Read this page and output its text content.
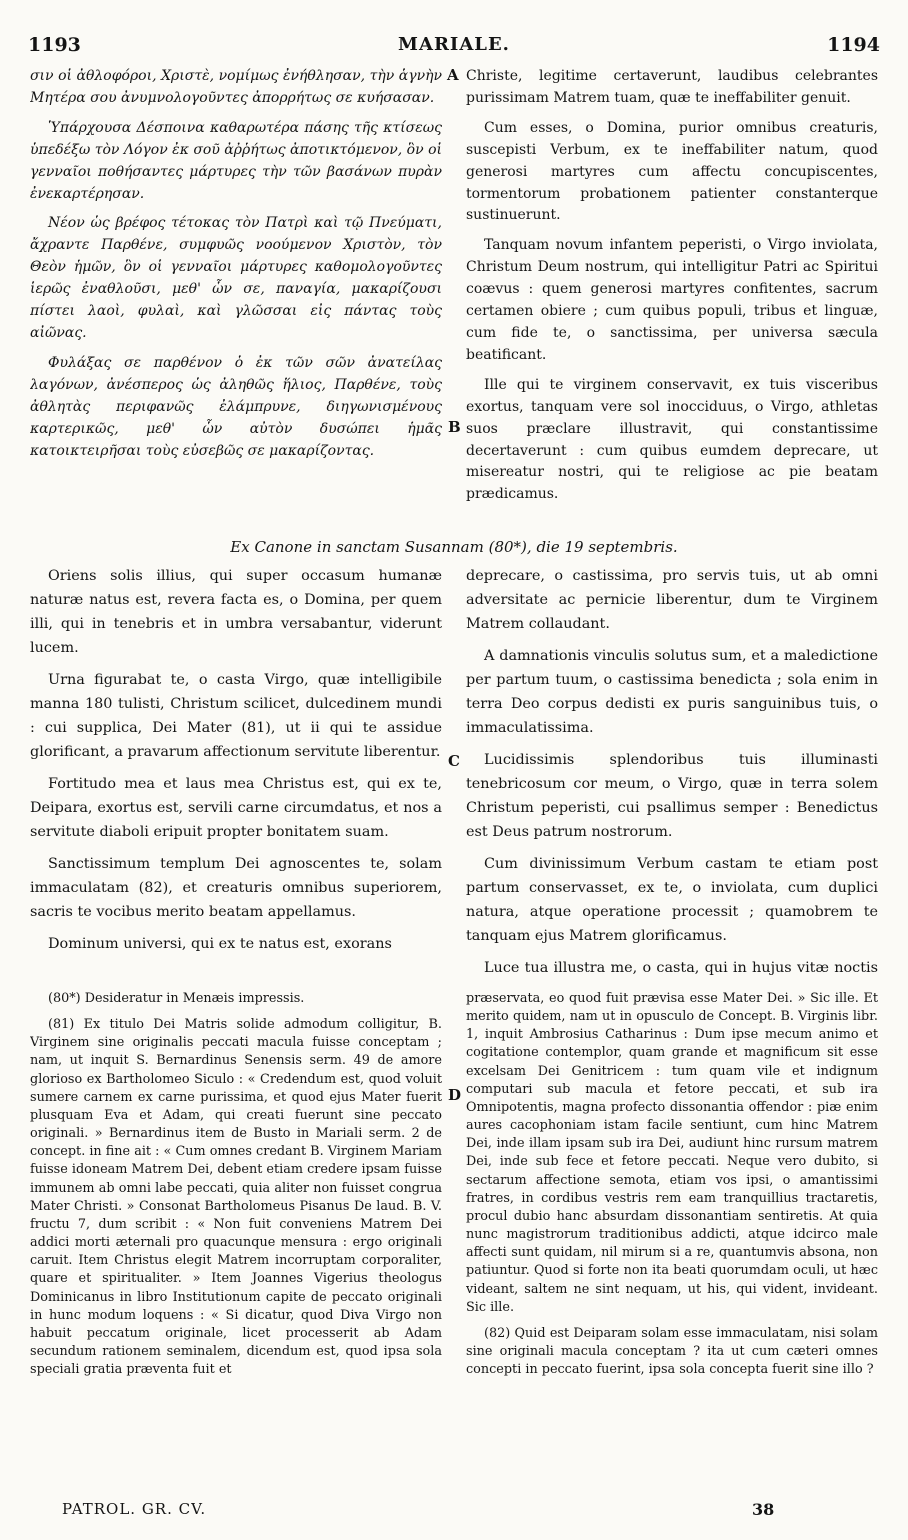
1193	MARIALE.	1194

σιν οἱ ἀθλοφόροι, Χριστὲ, νομίμως ἐνήθλησαν, τὴν ἁγνὴν Μητέρα σου ἀνυμνολογοῦντες ἀπορρήτως σε κυήσασαν.

Ὑπάρχουσα Δέσποινα καθαρωτέρα πάσης τῆς κτίσεως ὑπεδέξω τὸν Λόγον ἐκ σοῦ ἀῤῥήτως ἀποτικτόμενον, ὃν οἱ γενναῖοι ποθήσαντες μάρτυρες τὴν τῶν βασάνων πυρὰν ἐνεκαρτέρησαν.

Νέον ὡς βρέφος τέτοκας τὸν Πατρὶ καὶ τῷ Πνεύματι, ἄχραντε Παρθένε, συμφυῶς νοούμενον Χριστὸν, τὸν Θεὸν ἡμῶν, ὃν οἱ γενναῖοι μάρτυρες καθομολογοῦντες ἱερῶς ἐναθλοῦσι, μεθ' ὧν σε, παναγία, μακαρίζουσι πίστει λαοὶ, φυλαὶ, καὶ γλῶσσαι εἰς πάντας τοὺς αἰῶνας.

Φυλάξας σε παρθένον ὁ ἐκ τῶν σῶν ἀνατείλας λαγόνων, ἀνέσπερος ὡς ἀληθῶς ἥλιος, Παρθένε, τοὺς ἀθλητὰς περιφανῶς ἐλάμπρυνε, διηγωνισμένους καρτερικῶς, μεθ' ὧν αὐτὸν δυσώπει ἡμᾶς κατοικτειρῆσαι τοὺς εὐσεβῶς σε μακαρίζοντας.

Christe, legitime certaverunt, laudibus celebrantes purissimam Matrem tuam, quæ te ineffabiliter genuit.

Cum esses, o Domina, purior omnibus creaturis, suscepisti Verbum, ex te ineffabiliter natum, quod generosi martyres cum affectu concupiscentes, tormentorum probationem patienter constanterque sustinuerunt.

Tanquam novum infantem peperisti, o Virgo inviolata, Christum Deum nostrum, qui intelligitur Patri ac Spiritui coævus : quem generosi martyres confitentes, sacrum certamen obiere ; cum quibus populi, tribus et linguæ, cum fide te, o sanctissima, per universa sæcula beatificant.

Ille qui te virginem conservavit, ex tuis visceribus exortus, tanquam vere sol inocciduus, o Virgo, athletas suos præclare illustravit, qui constantissime decertaverunt : cum quibus eumdem deprecare, ut misereatur nostri, qui te religiose ac pie beatam prædicamus.

Ex Canone in sanctam Susannam (80*), die 19 septembris.

Oriens solis illius, qui super occasum humanæ naturæ natus est, revera facta es, o Domina, per quem illi, qui in tenebris et in umbra versabantur, viderunt lucem.

Urna figurabat te, o casta Virgo, quæ intelligibile manna 180 tulisti, Christum scilicet, dulcedinem mundi : cui supplica, Dei Mater (81), ut ii qui te assidue glorificant, a pravarum affectionum servitute liberentur.

Fortitudo mea et laus mea Christus est, qui ex te, Deipara, exortus est, servili carne circumdatus, et nos a servitute diaboli eripuit propter bonitatem suam.

Sanctissimum templum Dei agnoscentes te, solam immaculatam (82), et creaturis omnibus superiorem, sacris te vocibus merito beatam appellamus.

Dominum universi, qui ex te natus est, exorans

deprecare, o castissima, pro servis tuis, ut ab omni adversitate ac pernicie liberentur, dum te Virginem Matrem collaudant.

A damnationis vinculis solutus sum, et a maledictione per partum tuum, o castissima benedicta ; sola enim in terra Deo corpus dedisti ex puris sanguinibus tuis, o immaculatissima.

Lucidissimis splendoribus tuis illuminasti tenebricosum cor meum, o Virgo, quæ in terra solem Christum peperisti, cui psallimus semper : Benedictus est Deus patrum nostrorum.

Cum divinissimum Verbum castam te etiam post partum conservasset, ex te, o inviolata, cum duplici natura, atque operatione processit ; quamobrem te tanquam ejus Matrem glorificamus.

Luce tua illustra me, o casta, qui in hujus vitæ noctis

(80*) Desideratur in Menæis impressis.

(81) Ex titulo Dei Matris solide admodum colligitur, B. Virginem sine originalis peccati macula fuisse conceptam ; nam, ut inquit S. Bernardinus Senensis serm. 49 de amore glorioso ex Bartholomeo Siculo : « Credendum est, quod voluit sumere carnem ex carne purissima, et quod ejus Mater fuerit plusquam Eva et Adam, qui creati fuerunt sine peccato originali. » Bernardinus item de Busto in Mariali serm. 2 de concept. in fine ait : « Cum omnes credant B. Virginem Mariam fuisse idoneam Matrem Dei, debent etiam credere ipsam fuisse immunem ab omni labe peccati, quia aliter non fuisset congrua Mater Christi. » Consonat Bartholomeus Pisanus De laud. B. V. fructu 7, dum scribit : « Non fuit conveniens Matrem Dei addici morti æternali pro quacunque mensura : ergo originali caruit. Item Christus elegit Matrem incorruptam corporaliter, quare et spiritualiter. » Item Joannes Vigerius theologus Dominicanus in libro Institutionum capite de peccato originali in hunc modum loquens : « Si dicatur, quod Diva Virgo non habuit peccatum originale, licet processerit ab Adam secundum rationem seminalem, dicendum est, quod ipsa sola speciali gratia præventa fuit et

præservata, eo quod fuit prævisa esse Mater Dei. » Sic ille. Et merito quidem, nam ut in opusculo de Concept. B. Virginis libr. 1, inquit Ambrosius Catharinus : Dum ipse mecum animo et cogitatione contemplor, quam grande et magnificum sit esse excelsam Dei Genitricem : tum quam vile et indignum computari sub macula et fetore peccati, et sub ira Omnipotentis, magna profecto dissonantia offendor : piæ enim aures cacophoniam istam facile sentiunt, cum hinc Matrem Dei, inde illam ipsam sub ira Dei, audiunt hinc rursum matrem Dei, inde sub fece et fetore peccati. Neque vero dubito, si sectarum affectione semota, etiam vos ipsi, o amantissimi fratres, in cordibus vestris rem eam tranquillius tractaretis, procul dubio hanc absurdam dissonantiam sentiretis. At quia nunc magistrorum traditionibus addicti, atque idcirco male affecti sunt quidam, nil mirum si a re, quantumvis absona, non patiuntur. Quod si forte non ita beati quorumdam oculi, ut hæc videant, saltem ne sint nequam, ut his, qui vident, invideant. Sic ille.

(82) Quid est Deiparam solam esse immaculatam, nisi solam sine originali macula conceptam ? ita ut cum cæteri omnes concepti in peccato fuerint, ipsa sola concepta fuerit sine illo ?

A
B
C
D
PATROL. GR. CV.	38
